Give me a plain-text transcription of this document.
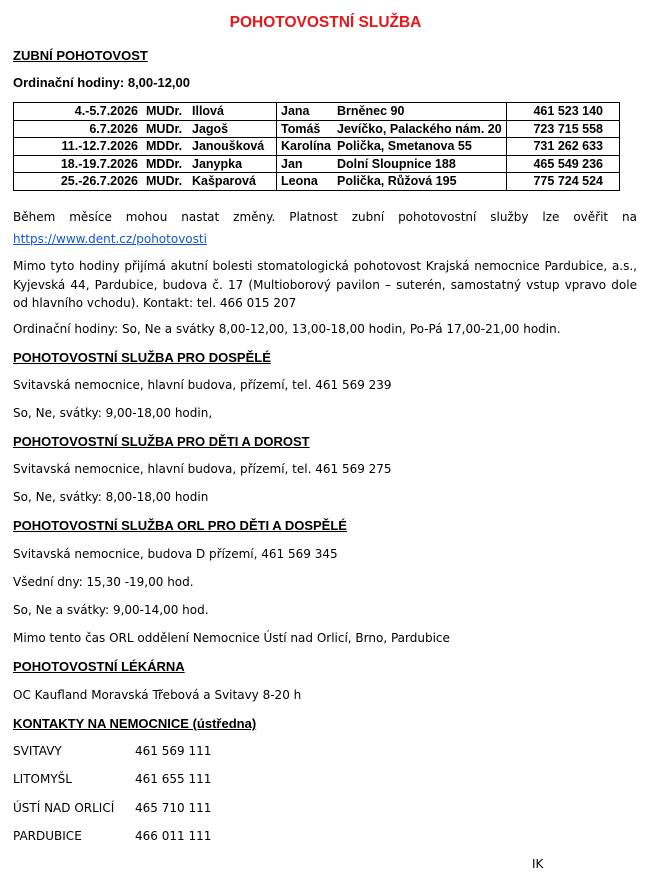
POHOTOVOSTNÍ SLUŽBA
ZUBNÍ POHOTOVOST
Ordinační hodiny: 8,00-12,00
4.-5.7.2026	MUDr.	Illová	Jana	Brněnec 90	461 523 140
6.7.2026	MUDr.	Jagoš	Tomáš	Jevíčko, Palackého nám. 20	723 715 558
11.-12.7.2026	MDDr.	Janoušková	Karolína	Polička, Smetanova 55	731 262 633
18.-19.7.2026	MDDr.	Janypka	Jan	Dolní Sloupnice 188	465 549 236
25.-26.7.2026	MUDr.	Kašparová	Leona	Polička, Růžová 195	775 724 524
Během měsíce mohou nastat změny. Platnost zubní pohotovostní služby lze ověřit na https://www.dent.cz/pohotovosti
Mimo tyto hodiny přijímá akutní bolesti stomatologická pohotovost Krajská nemocnice Pardubice, a.s., Kyjevská 44, Pardubice, budova č. 17 (Multioborový pavilon – suterén, samostatný vstup vpravo dole od hlavního vchodu). Kontakt: tel. 466 015 207
Ordinační hodiny: So, Ne a svátky 8,00-12,00, 13,00-18,00 hodin, Po-Pá 17,00-21,00 hodin.
POHOTOVOSTNÍ SLUŽBA PRO DOSPĚLÉ
Svitavská nemocnice, hlavní budova, přízemí, tel. 461 569 239
So, Ne, svátky: 9,00-18,00 hodin,
POHOTOVOSTNÍ SLUŽBA PRO DĚTI A DOROST
Svitavská nemocnice, hlavní budova, přízemí, tel. 461 569 275
So, Ne, svátky: 8,00-18,00 hodin
POHOTOVOSTNÍ SLUŽBA ORL PRO DĚTI A DOSPĚLÉ
Svitavská nemocnice, budova D přízemí, 461 569 345
Všední dny: 15,30 -19,00 hod.
So, Ne a svátky: 9,00-14,00 hod.
Mimo tento čas ORL oddělení Nemocnice Ústí nad Orlicí, Brno, Pardubice
POHOTOVOSTNÍ LÉKÁRNA
OC Kaufland Moravská Třebová a Svitavy 8-20 h
KONTAKTY NA NEMOCNICE (ústředna)
SVITAVY	461 569 111
LITOMYŠL	461 655 111
ÚSTÍ NAD ORLICÍ 465 710 111
PARDUBICE	466 011 111
IK
